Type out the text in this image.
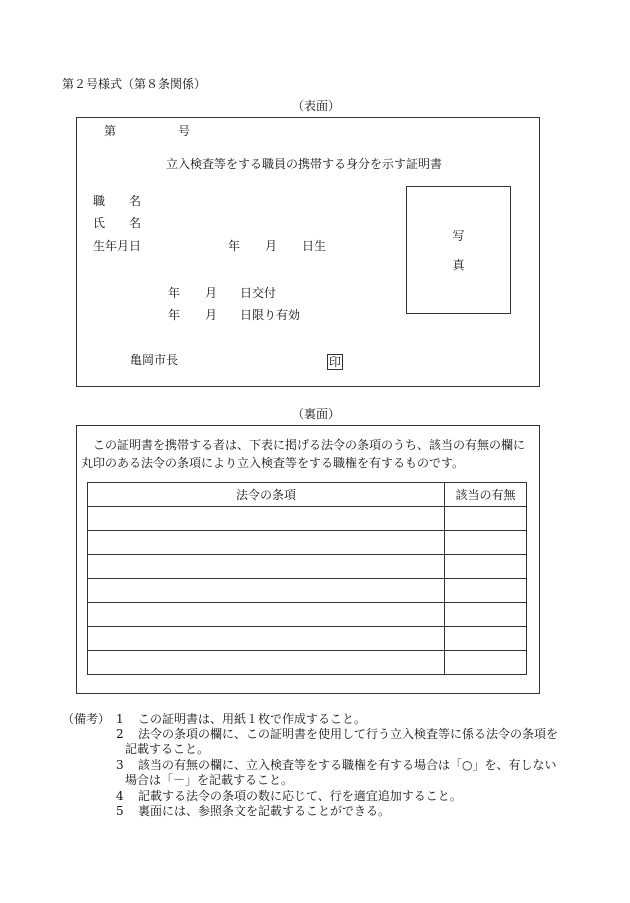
第２号様式（第８条関係）
（表面）
第	号
立入検査等をする職員の携帯する身分を示す証明書
職　　名
氏　　名
生年月日	年 月 日生
写
真
年 月 日交付
年 月 日限り有効
亀岡市長	印
（裏面）
この証明書を携帯する者は、下表に掲げる法令の条項のうち、該当の有無の欄に
丸印のある法令の条項により立入検査等をする職権を有するものです。
法令の条項	該当の有無

（備考） 1 この証明書は、用紙１枚で作成すること。
2 法令の条項の欄に、この証明書を使用して行う立入検査等に係る法令の条項を
記載すること。
3 該当の有無の欄に、立入検査等をする職権を有する場合は「○」を、有しない
場合は「－」を記載すること。
4 記載する法令の条項の数に応じて、行を適宜追加すること。
5 裏面には、参照条文を記載することができる。
